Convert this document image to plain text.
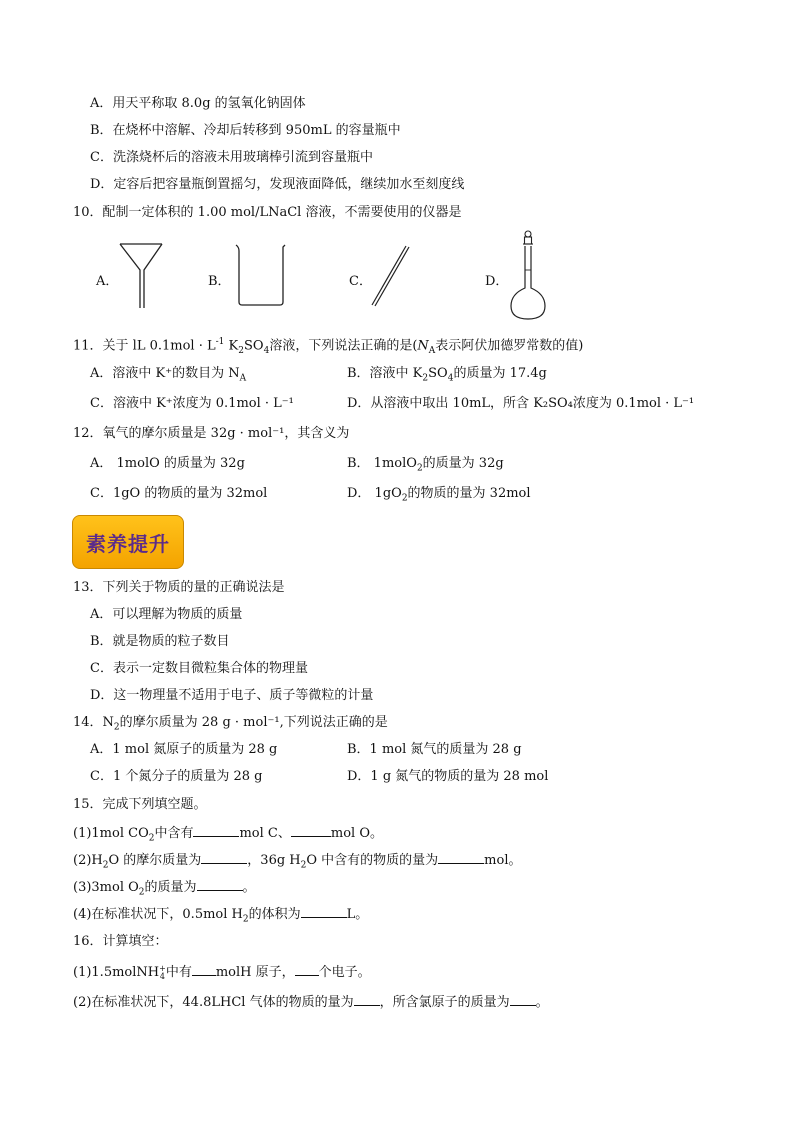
A．用天平称取 8.0g 的氢氧化钠固体
B．在烧杯中溶解、冷却后转移到 950mL 的容量瓶中
C．洗涤烧杯后的溶液未用玻璃棒引流到容量瓶中
D．定容后把容量瓶倒置摇匀，发现液面降低，继续加水至刻度线
10．配制一定体积的 1.00 mol/LNaCl 溶液，不需要使用的仪器是
A．	B．	C．	D．
11．关于 lL $0.1mol \cdot L^{-1}$ $K_2SO_4$溶液，下列说法正确的是($N_A$表示阿伏加德罗常数的值)
A．溶液中 K⁺的数目为 $N_A$	B．溶液中 $K_2SO_4$的质量为 17.4g
C．溶液中 K⁺浓度为 0.1mol · L⁻¹	D．从溶液中取出 10mL，所含 K₂SO₄浓度为 0.1mol · L⁻¹
12．氧气的摩尔质量是 32g · mol⁻¹，其含义为
A． 1molO 的质量为 32g	B． 1molO$_2$的质量为 32g
C．1gO 的物质的量为 32mol	D． $1gO_2$的物质的量为 32mol
素养提升
13．下列关于物质的量的正确说法是
A．可以理解为物质的质量
B．就是物质的粒子数目
C．表示一定数目微粒集合体的物理量
D．这一物理量不适用于电子、质子等微粒的计量
14．$N_2$的摩尔质量为 28 g · mol⁻¹,下列说法正确的是
A．1 mol 氮原子的质量为 28 g	B．1 mol 氮气的质量为 28 g
C．1 个氮分子的质量为 28 g	D．1 g 氮气的物质的量为 28 mol
15．完成下列填空题。
(1)1mol $CO_2$中含有	mol C、	mol O。
$(2)H_2O$ 的摩尔质量为	，36g $H_2O$ 中含有的物质的量为	mol。
(3)3mol $O_2$的质量为	。
(4)在标准状况下，0.5mol $H_2$的体积为	L。
16．计算填空：
(1)1.5molNH +
4 中有 molH 原子， 个电子。
(2)在标准状况下，44.8LHCl 气体的物质的量为 ，所含氯原子的质量为 。
